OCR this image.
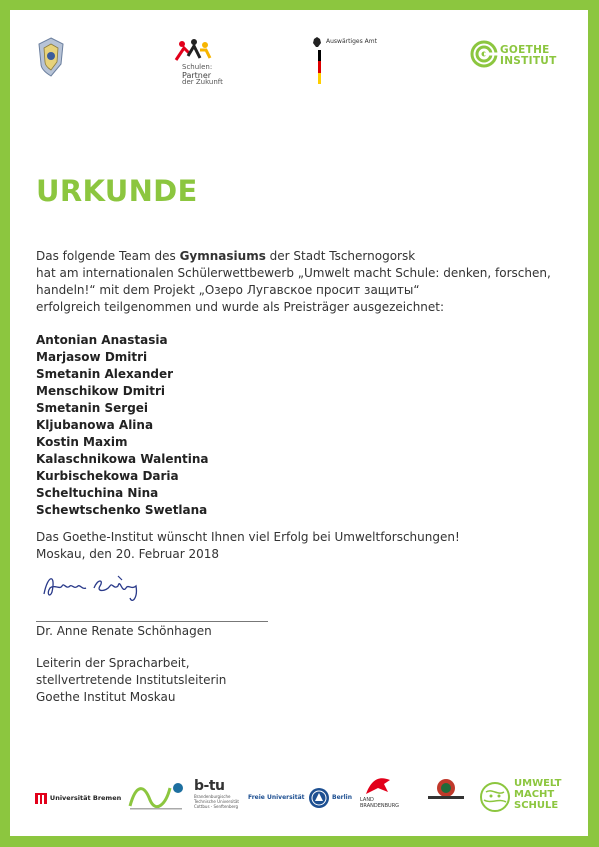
Schulen:
Partner
der Zukunft
Auswärtiges Amt
GOETHE
INSTITUT
URKUNDE
Das folgende Team des Gymnasiums der Stadt Tschernogorsk
hat am internationalen Schülerwettbewerb „Umwelt macht Schule: denken, forschen,
handeln!“ mit dem Projekt „Озеро Лугавское просит защиты“
erfolgreich teilgenommen und wurde als Preisträger ausgezeichnet:
Antonian Anastasia
Marjasow Dmitri
Smetanin Alexander
Menschikow Dmitri
Smetanin Sergei
Kljubanowa Alina
Kostin Maxim
Kalaschnikowa Walentina
Kurbischekowa Daria
Scheltuchina Nina
Schewtschenko Swetlana
Das Goethe-Institut wünscht Ihnen viel Erfolg bei Umweltforschungen!
Moskau, den 20. Februar 2018
Dr. Anne Renate Schönhagen
Leiterin der Spracharbeit,
stellvertretende Institutsleiterin
Goethe Institut Moskau
Universität Bremen
b-tu
Brandenburgische
Technische Universität
Cottbus - Senftenberg
Freie Universität	Berlin LAND
BRANDENBURG
UMWELT
MACHT
SCHULE
